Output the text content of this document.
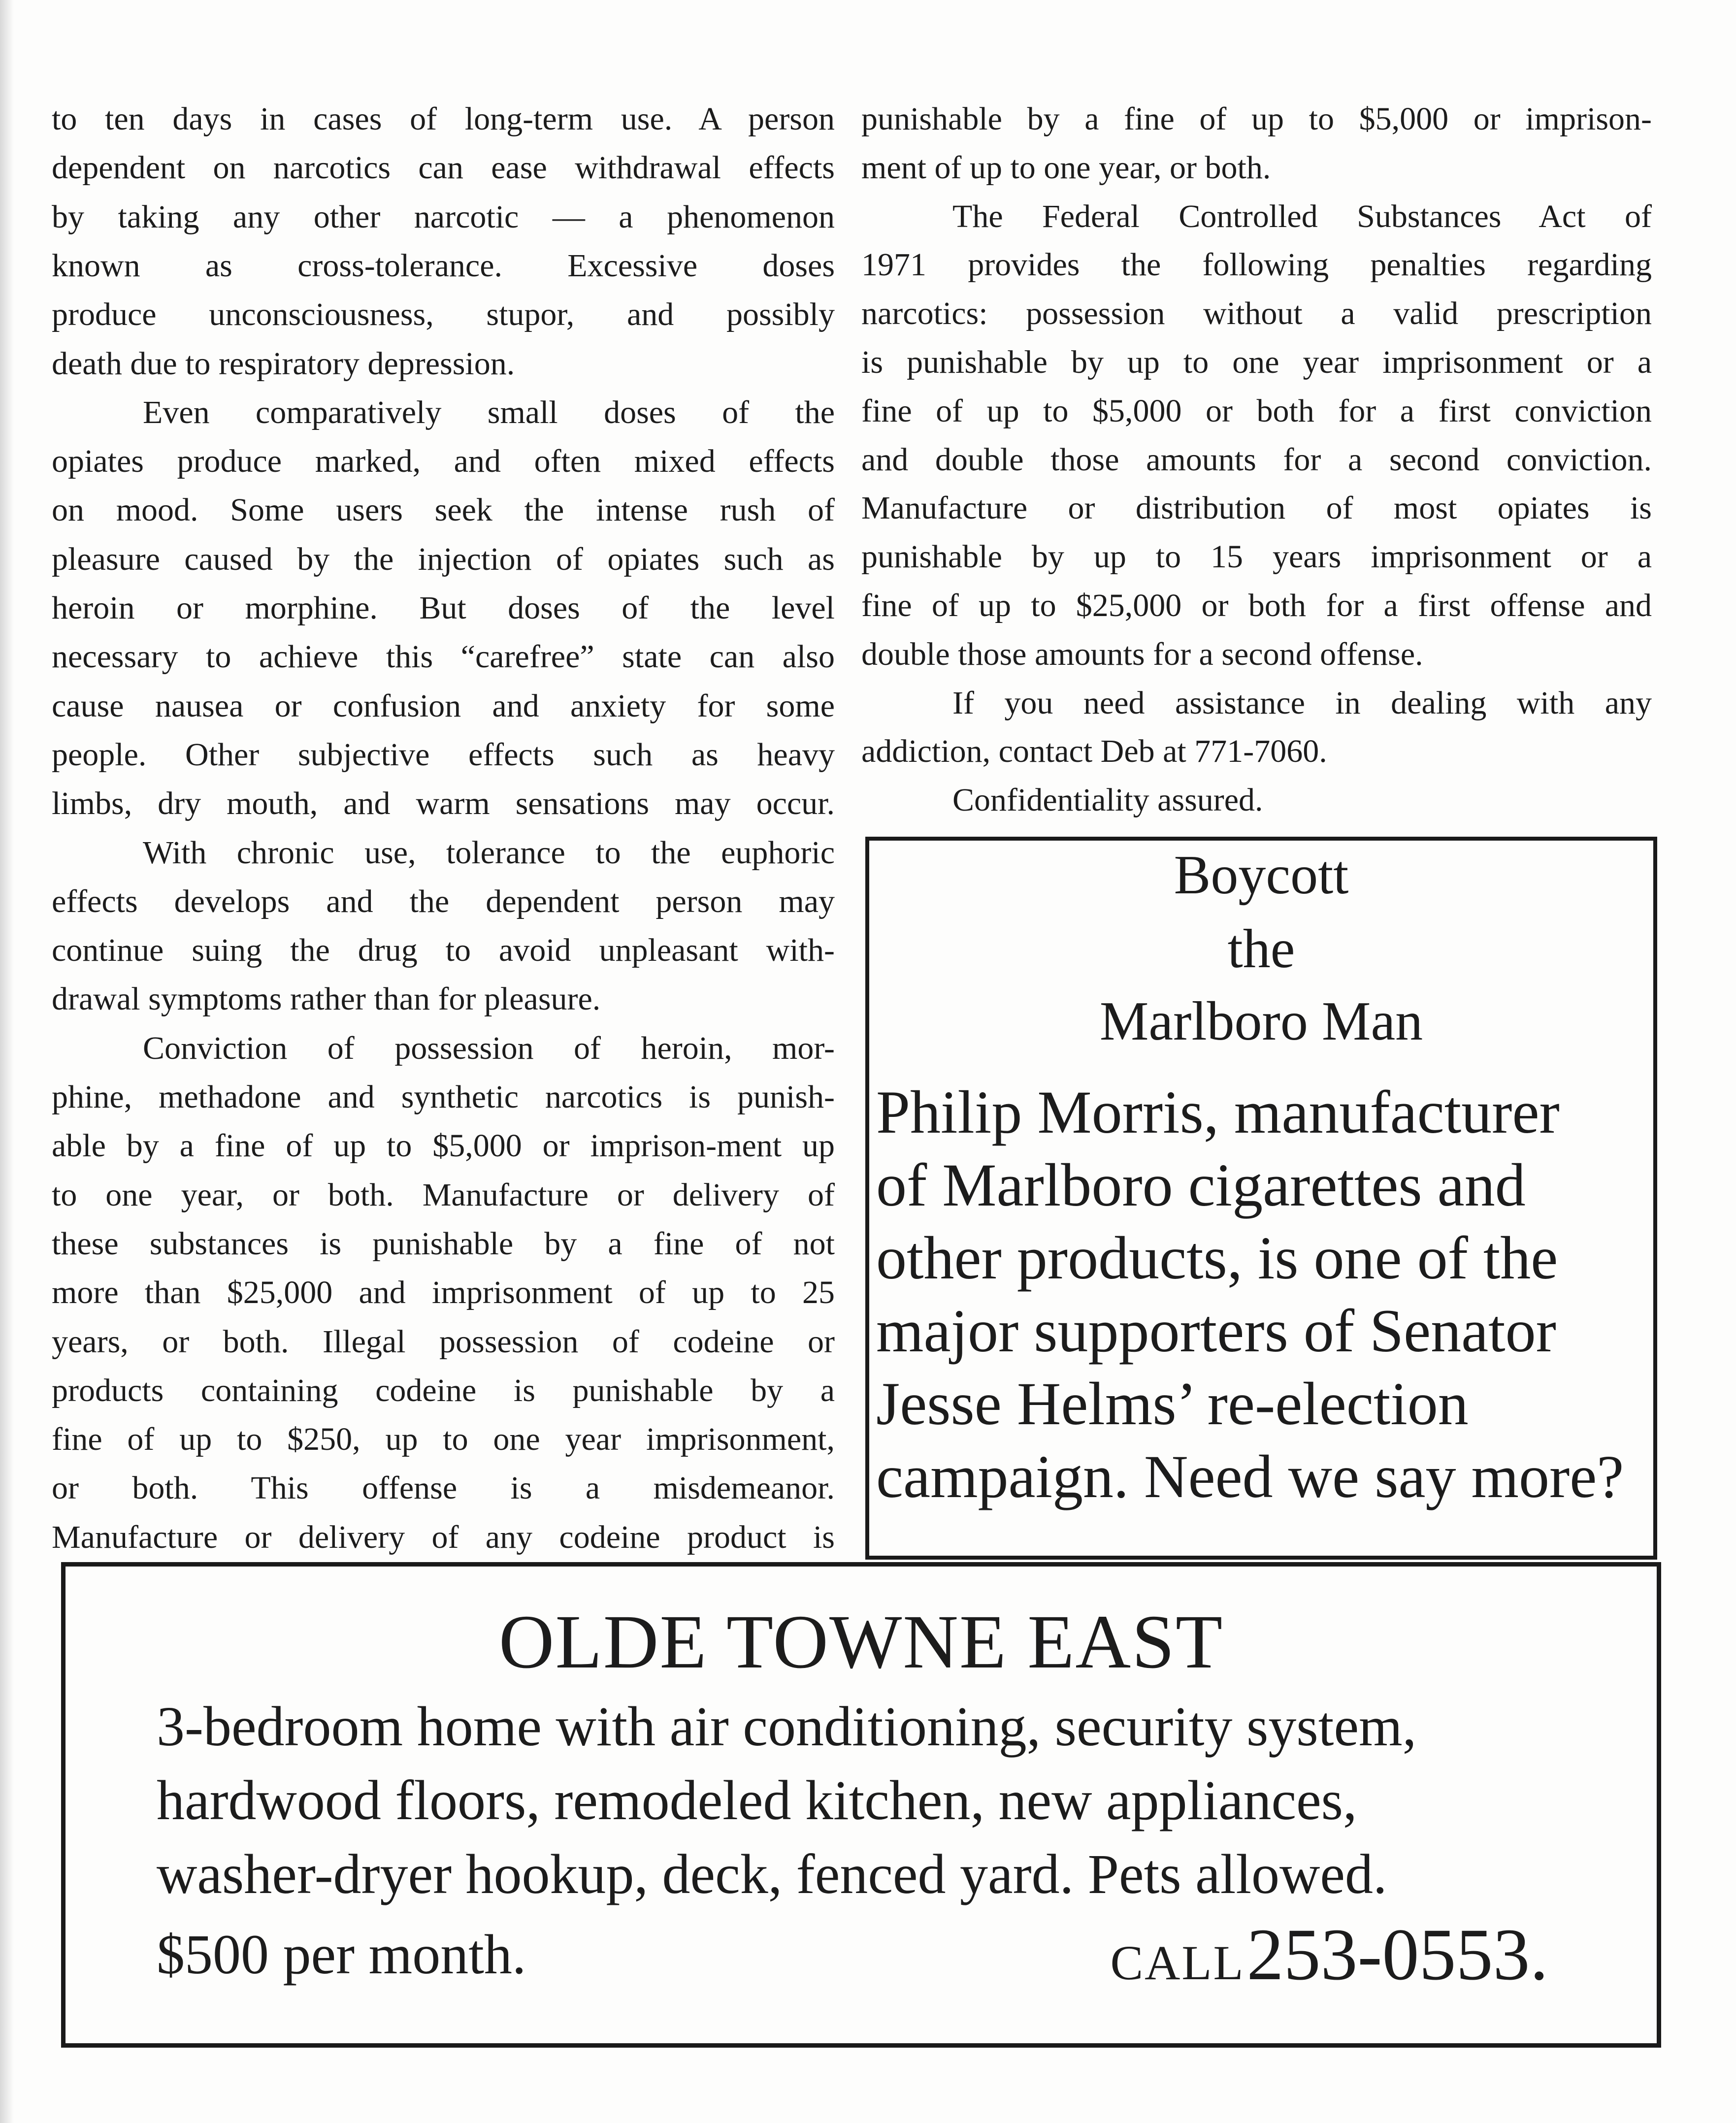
to ten days in cases of long-term use. A person
dependent on narcotics can ease withdrawal effects
by taking any other narcotic — a phenomenon
known as cross-tolerance. Excessive doses
produce unconsciousness, stupor, and possibly
death due to respiratory depression.
Even comparatively small doses of the
opiates produce marked, and often mixed effects
on mood. Some users seek the intense rush of
pleasure caused by the injection of opiates such as
heroin or morphine. But doses of the level
necessary to achieve this “carefree” state can also
cause nausea or confusion and anxiety for some
people. Other subjective effects such as heavy
limbs, dry mouth, and warm sensations may occur.
With chronic use, tolerance to the euphoric
effects develops and the dependent person may
continue suing the drug to avoid unpleasant with-
drawal symptoms rather than for pleasure.
Conviction of possession of heroin, mor-
phine, methadone and synthetic narcotics is punish-
able by a fine of up to $5,000 or imprison-ment up
to one year, or both. Manufacture or delivery of
these substances is punishable by a fine of not
more than $25,000 and imprisonment of up to 25
years, or both. Illegal possession of codeine or
products containing codeine is punishable by a
fine of up to $250, up to one year imprisonment,
or both. This offense is a misdemeanor.
Manufacture or delivery of any codeine product is
punishable by a fine of up to $5,000 or imprison-
ment of up to one year, or both.
The Federal Controlled Substances Act of
1971 provides the following penalties regarding
narcotics: possession without a valid prescription
is punishable by up to one year imprisonment or a
fine of up to $5,000 or both for a first conviction
and double those amounts for a second conviction.
Manufacture or distribution of most opiates is
punishable by up to 15 years imprisonment or a
fine of up to $25,000 or both for a first offense and
double those amounts for a second offense.
If you need assistance in dealing with any
addiction, contact Deb at 771-7060.
Confidentiality assured.
Boycott
the
Marlboro Man
Philip Morris, manufacturer
of Marlboro cigarettes and
other products, is one of the
major supporters of Senator
Jesse Helms’ re-election
campaign. Need we say more?
OLDE TOWNE EAST
3-bedroom home with air conditioning, security system,
hardwood floors, remodeled kitchen, new appliances,
washer-dryer hookup, deck, fenced yard. Pets allowed.
$500 per month.	CALL 253-0553.
